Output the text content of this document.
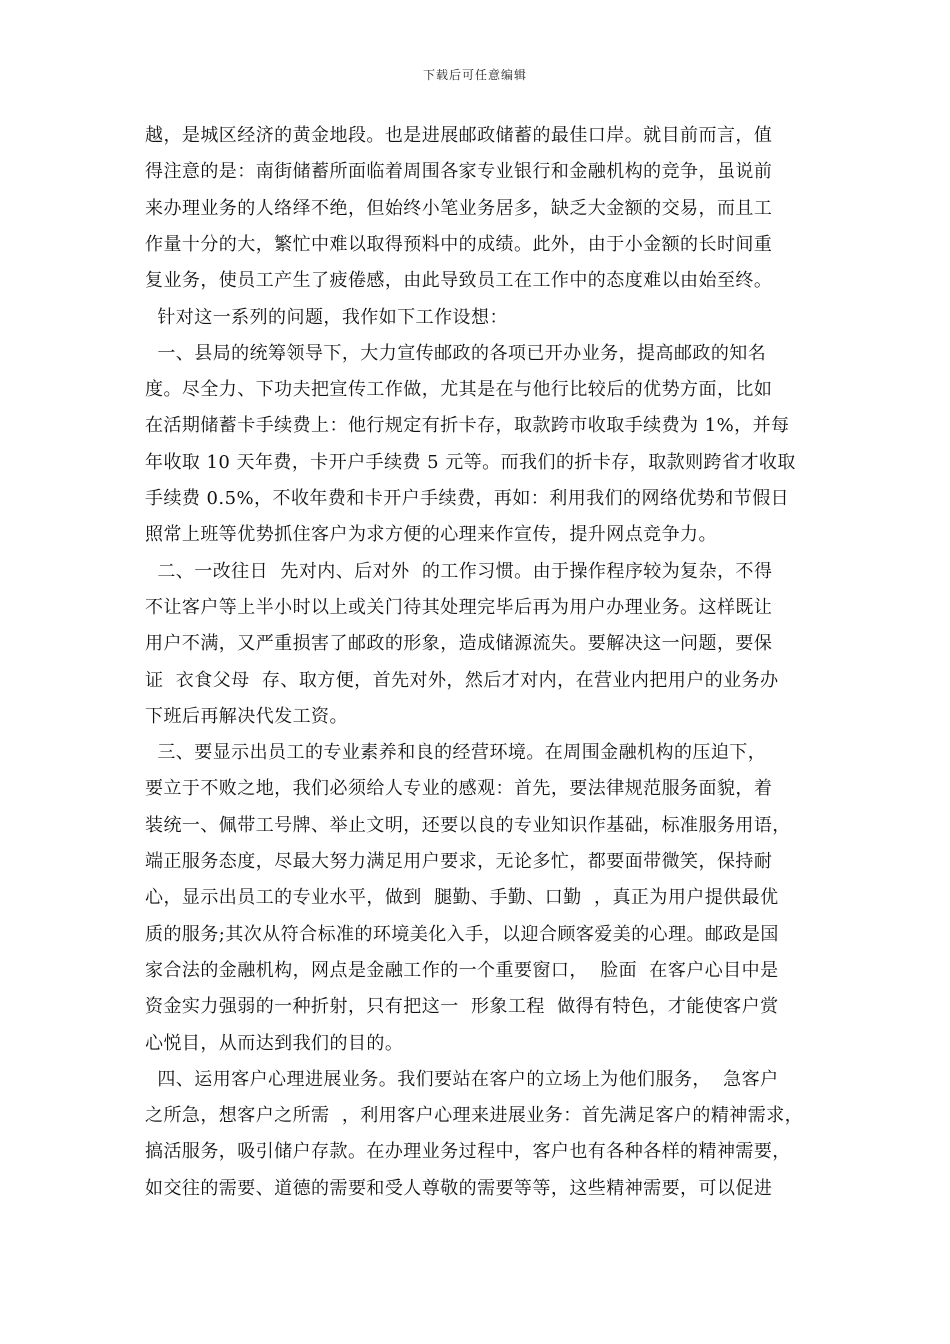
下载后可任意编辑
越，是城区经济的黄金地段。也是进展邮政储蓄的最佳口岸。就目前而言，值
得注意的是：南街储蓄所面临着周围各家专业银行和金融机构的竞争，虽说前
来办理业务的人络绎不绝，但始终小笔业务居多，缺乏大金额的交易，而且工
作量十分的大，繁忙中难以取得预料中的成绩。此外，由于小金额的长时间重
复业务，使员工产生了疲倦感，由此导致员工在工作中的态度难以由始至终。
针对这一系列的问题，我作如下工作设想：
一、县局的统筹领导下，大力宣传邮政的各项已开办业务，提高邮政的知名
度。尽全力、下功夫把宣传工作做，尤其是在与他行比较后的优势方面，比如
在活期储蓄卡手续费上：他行规定有折卡存，取款跨市收取手续费为 1%，并每
年收取 10 天年费，卡开户手续费 5 元等。而我们的折卡存，取款则跨省才收取
手续费 0.5%，不收年费和卡开户手续费，再如：利用我们的网络优势和节假日
照常上班等优势抓住客户为求方便的心理来作宣传，提升网点竞争力。
二、一改往日  先对内、后对外  的工作习惯。由于操作程序较为复杂，不得
不让客户等上半小时以上或关门待其处理完毕后再为用户办理业务。这样既让
用户不满，又严重损害了邮政的形象，造成储源流失。要解决这一问题，要保
证  衣食父母  存、取方便，首先对外，然后才对内，在营业内把用户的业务办
下班后再解决代发工资。
三、要显示出员工的专业素养和良的经营环境。在周围金融机构的压迫下，
要立于不败之地，我们必须给人专业的感观：首先，要法律规范服务面貌，着
装统一、佩带工号牌、举止文明，还要以良的专业知识作基础，标准服务用语，
端正服务态度，尽最大努力满足用户要求，无论多忙，都要面带微笑，保持耐
心，显示出员工的专业水平，做到  腿勤、手勤、口勤  ，真正为用户提供最优
质的服务;其次从符合标准的环境美化入手，以迎合顾客爱美的心理。邮政是国
家合法的金融机构，网点是金融工作的一个重要窗口，  脸面  在客户心目中是
资金实力强弱的一种折射，只有把这一  形象工程  做得有特色，才能使客户赏
心悦目，从而达到我们的目的。
四、运用客户心理进展业务。我们要站在客户的立场上为他们服务，  急客户
之所急，想客户之所需  ，利用客户心理来进展业务：首先满足客户的精神需求，
搞活服务，吸引储户存款。在办理业务过程中，客户也有各种各样的精神需要，
如交往的需要、道德的需要和受人尊敬的需要等等，这些精神需要，可以促进
